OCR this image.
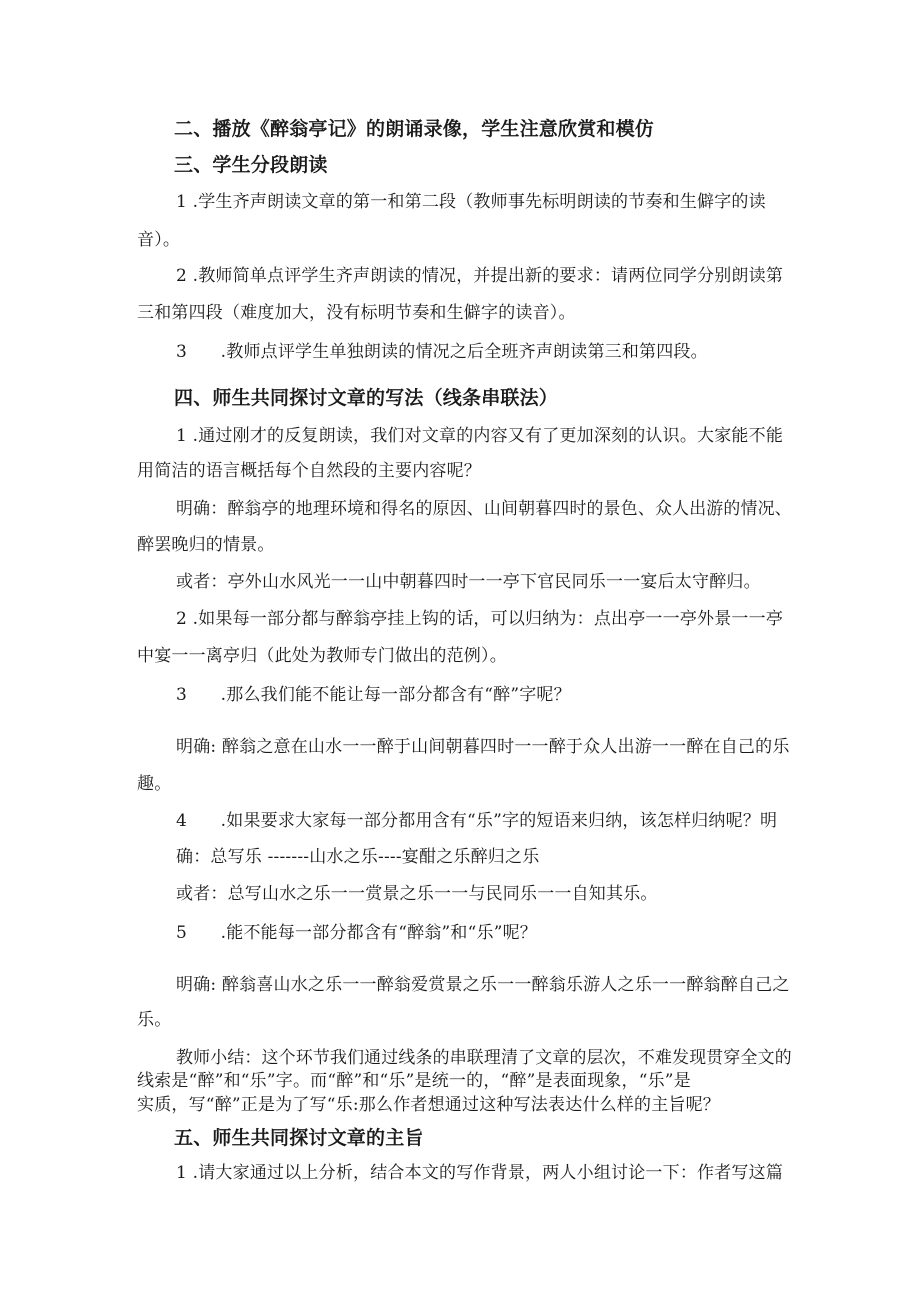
二、播放《醉翁亭记》的朗诵录像，学生注意欣赏和模仿
三、学生分段朗读
1 .学生齐声朗读文章的第一和第二段（教师事先标明朗读的节奏和生僻字的读
音）。
2 .教师简单点评学生齐声朗读的情况，并提出新的要求：请两位同学分别朗读第
三和第四段（难度加大，没有标明节奏和生僻字的读音）。
3      .教师点评学生单独朗读的情况之后全班齐声朗读第三和第四段。
四、师生共同探讨文章的写法（线条串联法）
1 .通过刚才的反复朗读，我们对文章的内容又有了更加深刻的认识。大家能不能
用简洁的语言概括每个自然段的主要内容呢？
明确：醉翁亭的地理环境和得名的原因、山间朝暮四时的景色、众人出游的情况、
醉罢晚归的情景。
或者：亭外山水风光一一山中朝暮四时一一亭下官民同乐一一宴后太守醉归。
2 .如果每一部分都与醉翁亭挂上钩的话，可以归纳为：点出亭一一亭外景一一亭
中宴一一离亭归（此处为教师专门做出的范例）。
3      .那么我们能不能让每一部分都含有“醉”字呢？
明确: 醉翁之意在山水一一醉于山间朝暮四时一一醉于众人出游一一醉在自己的乐
趣。
4      .如果要求大家每一部分都用含有“乐”字的短语来归纳，该怎样归纳呢？明
确：总写乐 -------山水之乐----宴酣之乐醉归之乐
或者：总写山水之乐一一赏景之乐一一与民同乐一一自知其乐。
5      .能不能每一部分都含有“醉翁”和“乐”呢？
明确: 醉翁喜山水之乐一一醉翁爱赏景之乐一一醉翁乐游人之乐一一醉翁醉自己之
乐。
教师小结：这个环节我们通过线条的串联理清了文章的层次，不难发现贯穿全文的
线索是“醉”和“乐”字。而“醉”和“乐”是统一的，“醉”是表面现象，“乐”是
实质，写“醉”正是为了写“乐:那么作者想通过这种写法表达什么样的主旨呢？
五、师生共同探讨文章的主旨
1 .请大家通过以上分析，结合本文的写作背景，两人小组讨论一下：作者写这篇
